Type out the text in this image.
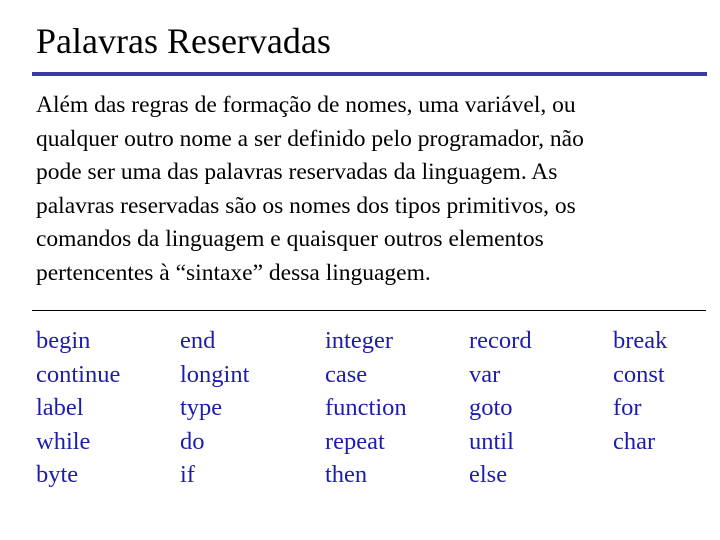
Palavras Reservadas
Além das regras de formação de nomes, uma variável, ou
qualquer outro nome a ser definido pelo programador, não
pode ser uma das palavras reservadas da linguagem. As
palavras reservadas são os nomes dos tipos primitivos, os
comandos da linguagem e quaisquer outros elementos
pertencentes à “sintaxe” dessa linguagem.
begin
continue
label
while
byte
end
longint
type
do
if
integer
case
function
repeat
then
record
var
goto
until
else
break
const
for
char
